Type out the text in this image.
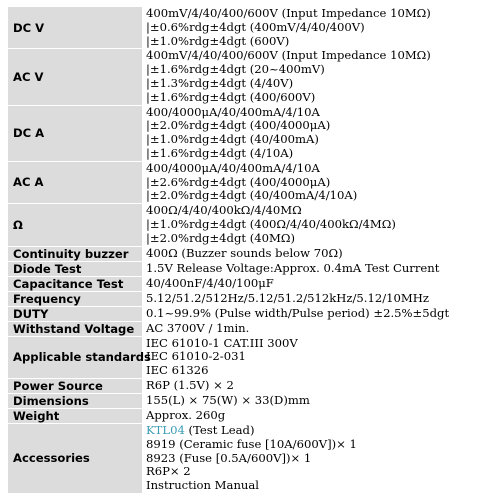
DC V	400mV/4/40/400/600V (Input Impedance 10MΩ)
|±0.6%rdg±4dgt (400mV/4/40/400V)
|±1.0%rdg±4dgt (600V)

AC V	400mV/4/40/400/600V (Input Impedance 10MΩ)
|±1.6%rdg±4dgt (20~400mV)
|±1.3%rdg±4dgt (4/40V)
|±1.6%rdg±4dgt (400/600V)

DC A	400/4000μA/40/400mA/4/10A
|±2.0%rdg±4dgt (400/4000μA)
|±1.0%rdg±4dgt (40/400mA)
|±1.6%rdg±4dgt (4/10A)

AC A	400/4000μA/40/400mA/4/10A
|±2.6%rdg±4dgt (400/4000μA)
|±2.0%rdg±4dgt (40/400mA/4/10A)

Ω	400Ω/4/40/400kΩ/4/40MΩ
|±1.0%rdg±4dgt (400Ω/4/40/400kΩ/4MΩ)
|±2.0%rdg±4dgt (40MΩ)

Continuity buzzer	400Ω (Buzzer sounds below 70Ω)

Diode Test	1.5V Release Voltage:Approx. 0.4mA Test Current

Capacitance Test	40/400nF/4/40/100μF

Frequency	5.12/51.2/512Hz/5.12/51.2/512kHz/5.12/10MHz

DUTY	0.1~99.9% (Pulse width/Pulse period) ±2.5%±5dgt

Withstand Voltage	AC 3700V / 1min.

Applicable standards	IEC 61010-1 CAT.III 300V
IEC 61010-2-031
IEC 61326

Power Source	R6P (1.5V) × 2

Dimensions	155(L) × 75(W) × 33(D)mm

Weight	Approx. 260g

Accessories	KTL04 (Test Lead)
8919 (Ceramic fuse [10A/600V])× 1
8923 (Fuse [0.5A/600V])× 1
R6P× 2
Instruction Manual
